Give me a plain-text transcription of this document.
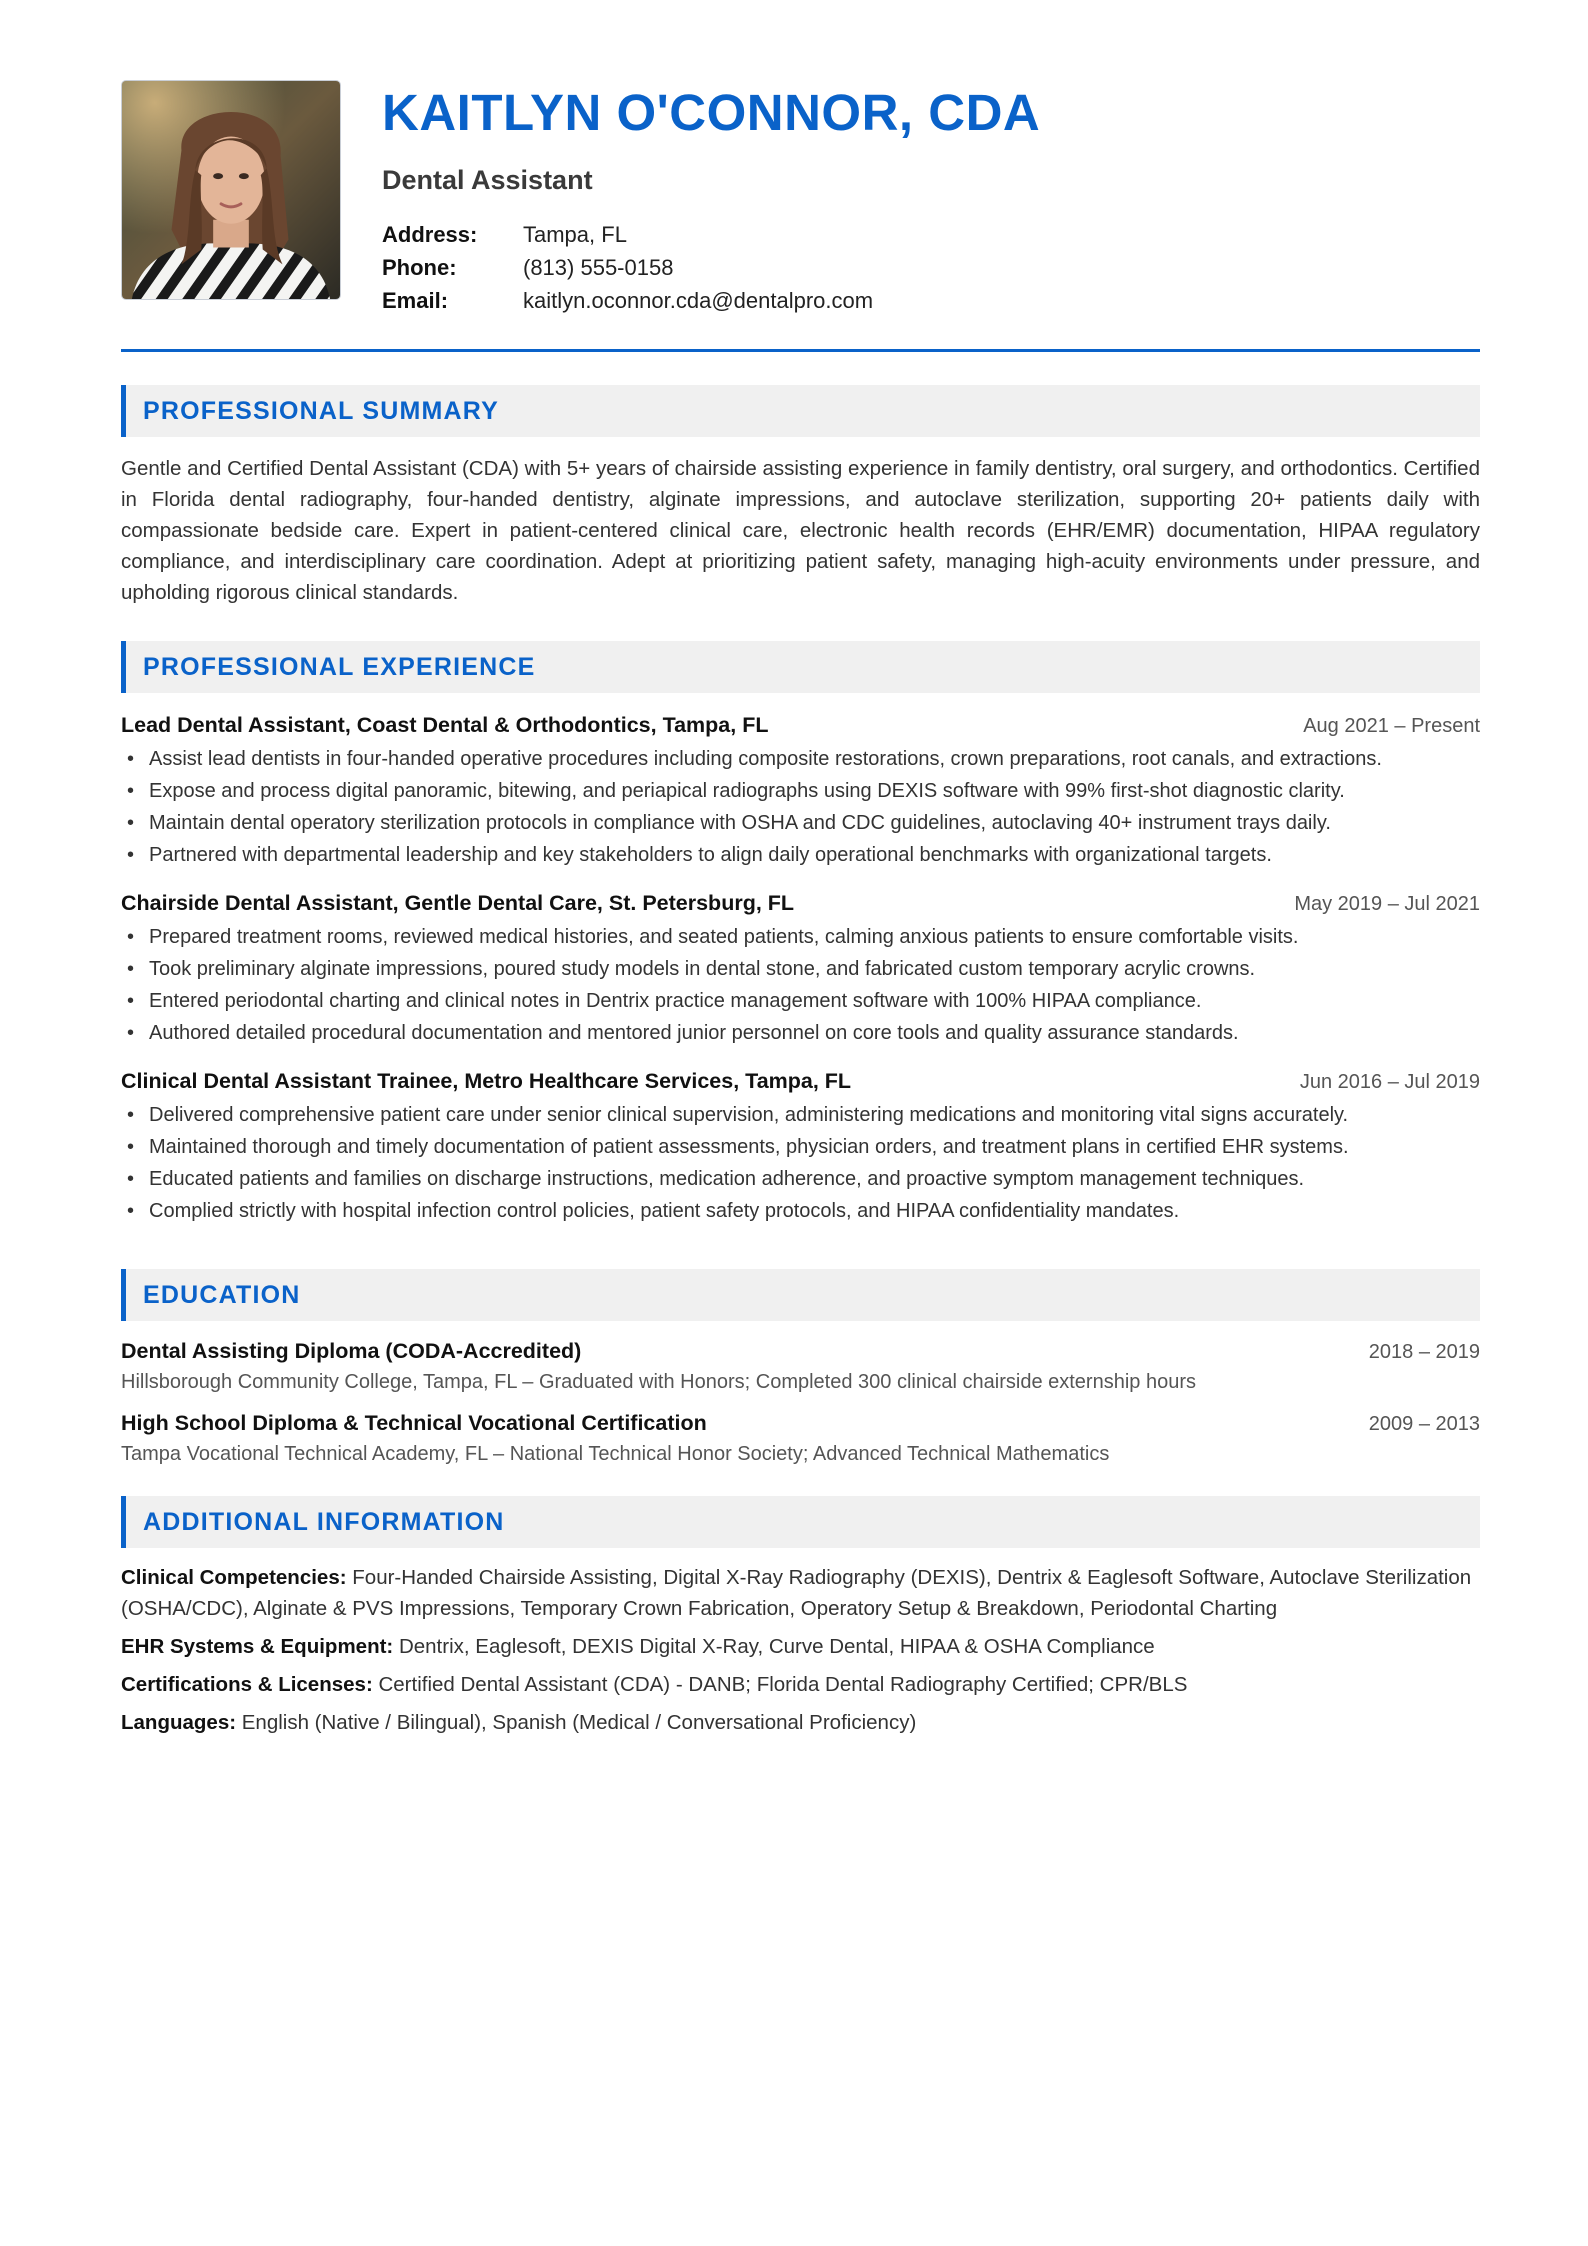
KAITLYN O'CONNOR, CDA
Dental Assistant
Address:	Tampa, FL
Phone:	(813) 555-0158
Email:	kaitlyn.oconnor.cda@dentalpro.com
PROFESSIONAL SUMMARY

Gentle and Certified Dental Assistant (CDA) with 5+ years of chairside assisting experience in family dentistry, oral surgery, and orthodontics. Certified in Florida dental radiography, four-handed dentistry, alginate impressions, and autoclave sterilization, supporting 20+ patients daily with compassionate bedside care. Expert in patient-centered clinical care, electronic health records (EHR/EMR) documentation, HIPAA regulatory compliance, and interdisciplinary care coordination. Adept at prioritizing patient safety, managing high-acuity environments under pressure, and upholding rigorous clinical standards.

PROFESSIONAL EXPERIENCE
Lead Dental Assistant, Coast Dental & Orthodontics, Tampa, FL	Aug 2021 – Present
• Assist lead dentists in four-handed operative procedures including composite restorations, crown preparations, root canals, and extractions.
• Expose and process digital panoramic, bitewing, and periapical radiographs using DEXIS software with 99% first-shot diagnostic clarity.
• Maintain dental operatory sterilization protocols in compliance with OSHA and CDC guidelines, autoclaving 40+ instrument trays daily.
• Partnered with departmental leadership and key stakeholders to align daily operational benchmarks with organizational targets.
Chairside Dental Assistant, Gentle Dental Care, St. Petersburg, FL	May 2019 – Jul 2021
• Prepared treatment rooms, reviewed medical histories, and seated patients, calming anxious patients to ensure comfortable visits.
• Took preliminary alginate impressions, poured study models in dental stone, and fabricated custom temporary acrylic crowns.
• Entered periodontal charting and clinical notes in Dentrix practice management software with 100% HIPAA compliance.
• Authored detailed procedural documentation and mentored junior personnel on core tools and quality assurance standards.
Clinical Dental Assistant Trainee, Metro Healthcare Services, Tampa, FL	Jun 2016 – Jul 2019
• Delivered comprehensive patient care under senior clinical supervision, administering medications and monitoring vital signs accurately.
• Maintained thorough and timely documentation of patient assessments, physician orders, and treatment plans in certified EHR systems.
• Educated patients and families on discharge instructions, medication adherence, and proactive symptom management techniques.
• Complied strictly with hospital infection control policies, patient safety protocols, and HIPAA confidentiality mandates.
EDUCATION
Dental Assisting Diploma (CODA-Accredited)	2018 – 2019
Hillsborough Community College, Tampa, FL – Graduated with Honors; Completed 300 clinical chairside externship hours
High School Diploma & Technical Vocational Certification	2009 – 2013
Tampa Vocational Technical Academy, FL – National Technical Honor Society; Advanced Technical Mathematics
ADDITIONAL INFORMATION

Clinical Competencies: Four-Handed Chairside Assisting, Digital X-Ray Radiography (DEXIS), Dentrix & Eaglesoft Software, Autoclave Sterilization (OSHA/CDC), Alginate & PVS Impressions, Temporary Crown Fabrication, Operatory Setup & Breakdown, Periodontal Charting

EHR Systems & Equipment: Dentrix, Eaglesoft, DEXIS Digital X-Ray, Curve Dental, HIPAA & OSHA Compliance

Certifications & Licenses: Certified Dental Assistant (CDA) - DANB; Florida Dental Radiography Certified; CPR/BLS

Languages: English (Native / Bilingual), Spanish (Medical / Conversational Proficiency)
